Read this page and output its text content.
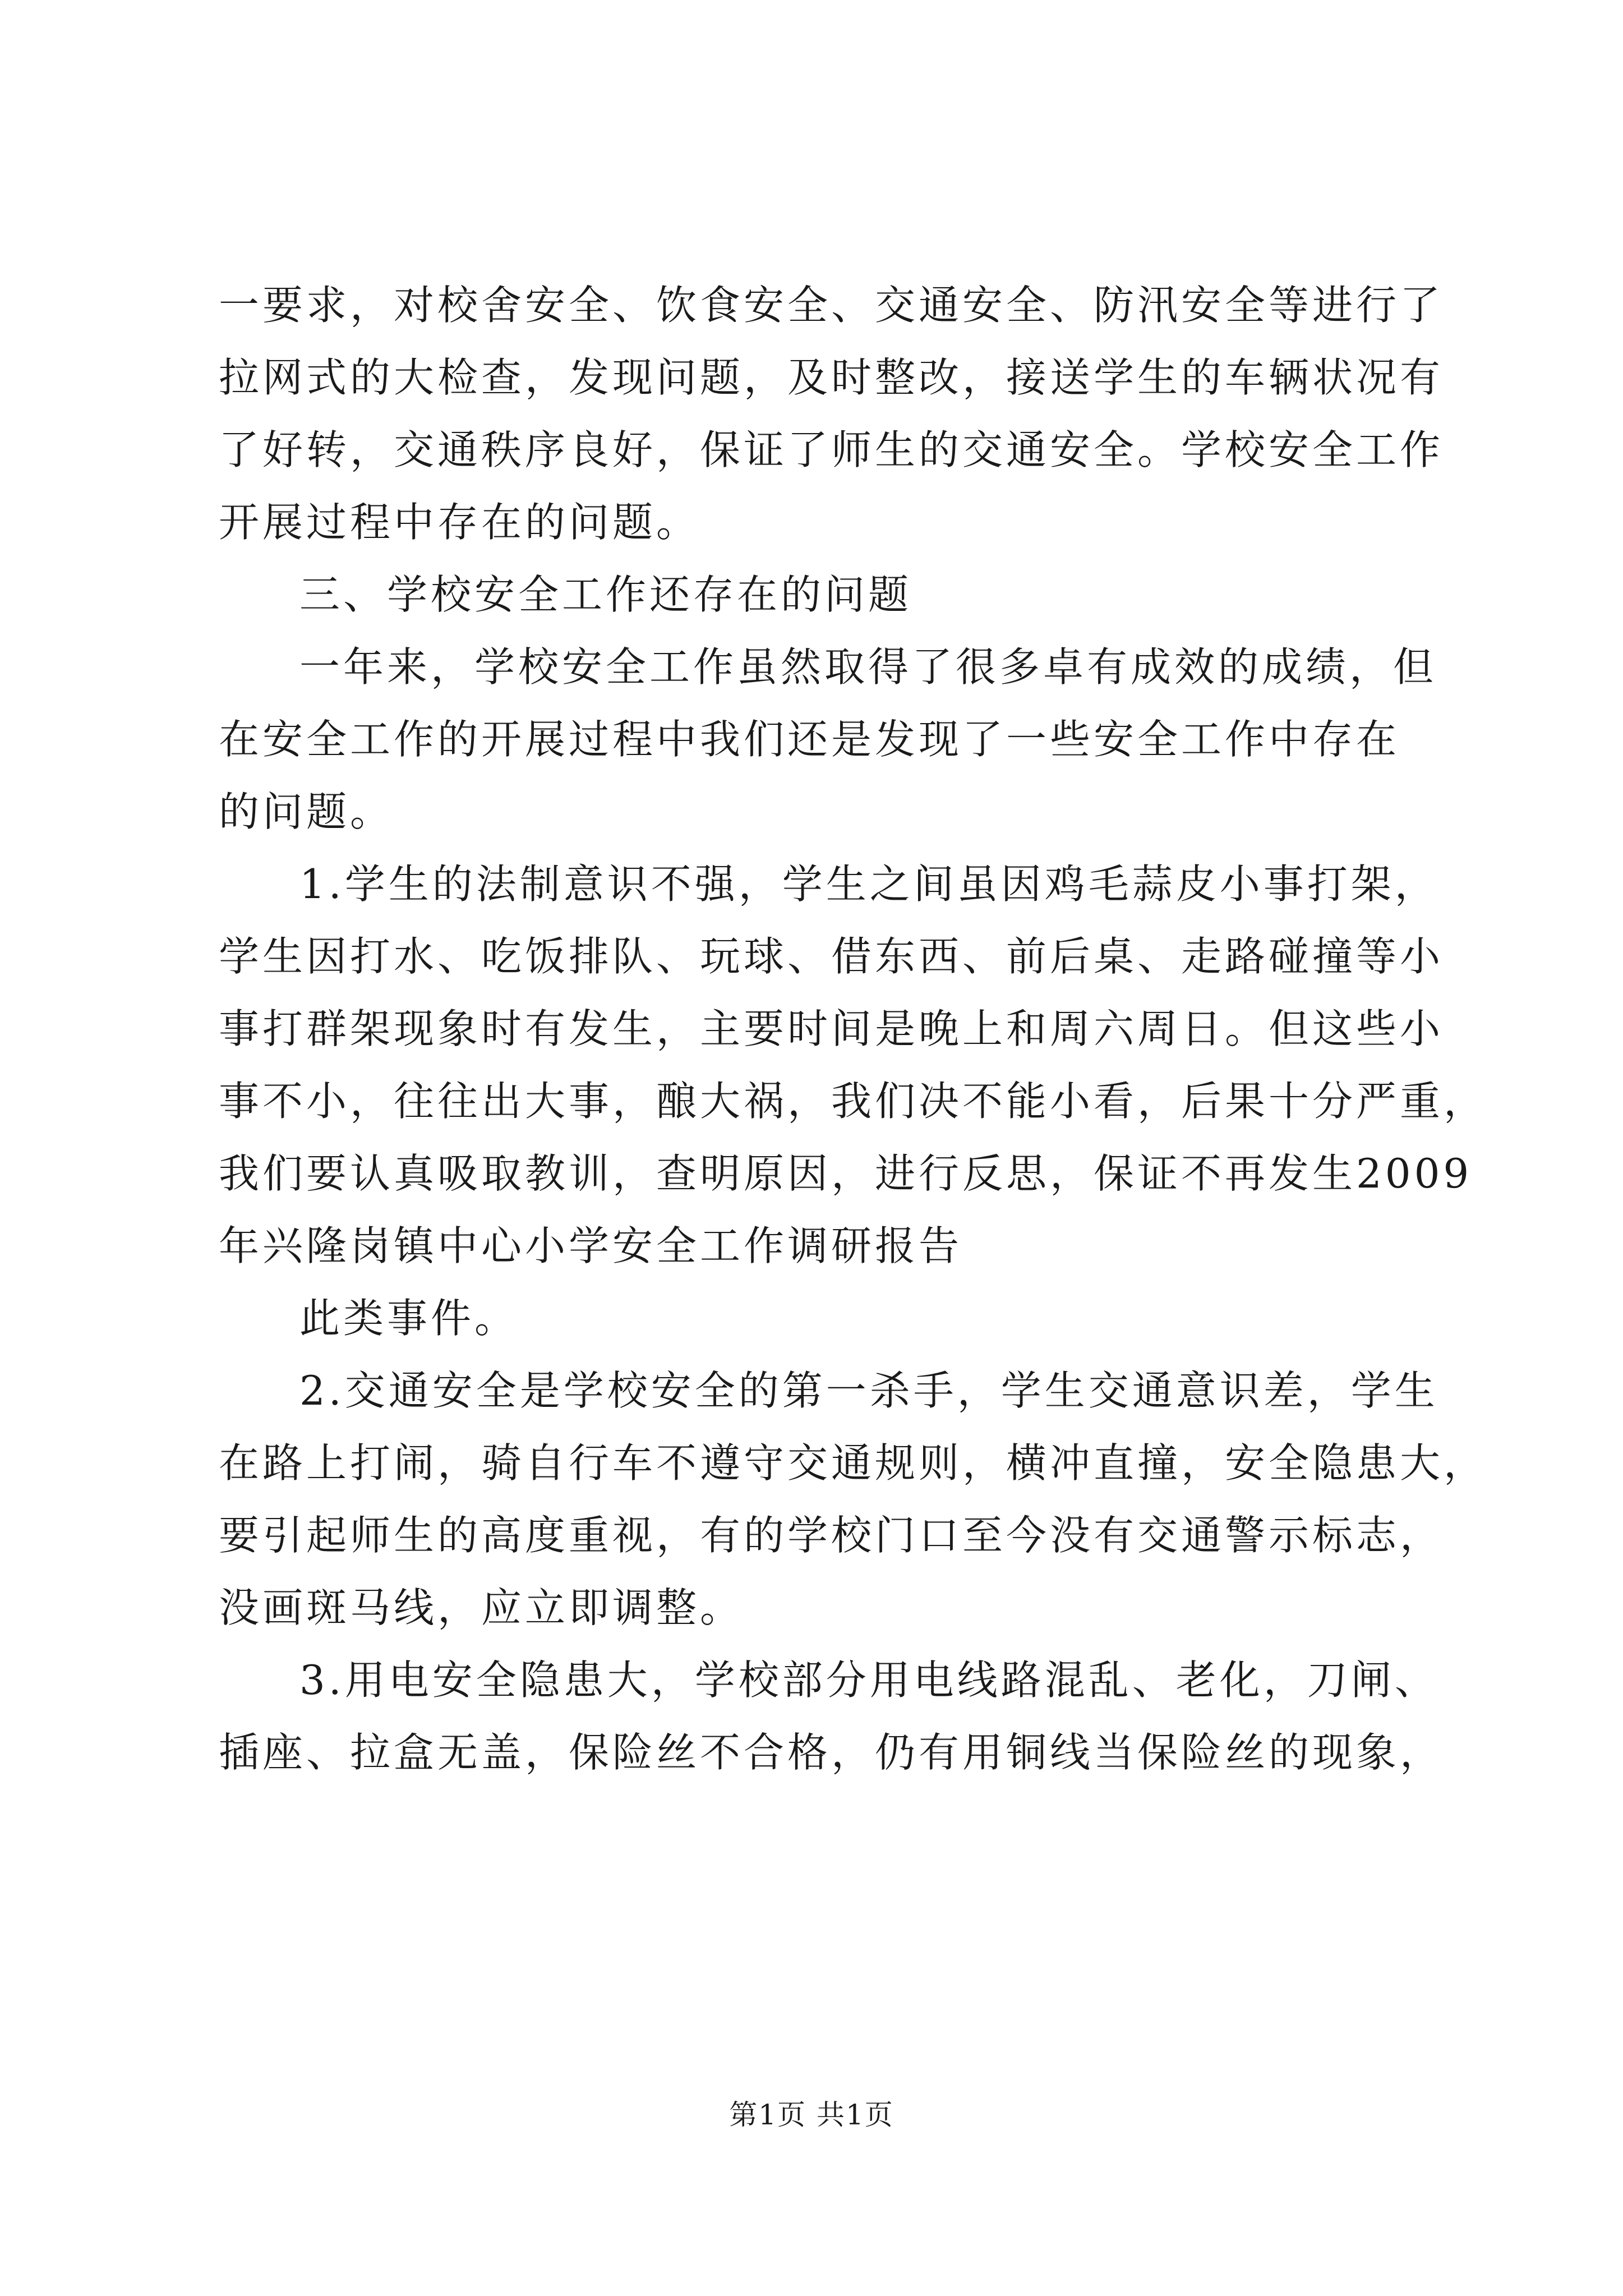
一要求，对校舍安全、饮食安全、交通安全、防汛安全等进行了
拉网式的大检查，发现问题，及时整改，接送学生的车辆状况有
了好转，交通秩序良好，保证了师生的交通安全。学校安全工作
开展过程中存在的问题。
三、学校安全工作还存在的问题
一年来，学校安全工作虽然取得了很多卓有成效的成绩，但
在安全工作的开展过程中我们还是发现了一些安全工作中存在
的问题。
1.学生的法制意识不强，学生之间虽因鸡毛蒜皮小事打架，
学生因打水、吃饭排队、玩球、借东西、前后桌、走路碰撞等小
事打群架现象时有发生，主要时间是晚上和周六周日。但这些小
事不小，往往出大事，酿大祸，我们决不能小看，后果十分严重，
我们要认真吸取教训，查明原因，进行反思，保证不再发生2009
年兴隆岗镇中心小学安全工作调研报告
此类事件。
2.交通安全是学校安全的第一杀手，学生交通意识差，学生
在路上打闹，骑自行车不遵守交通规则，横冲直撞，安全隐患大，
要引起师生的高度重视，有的学校门口至今没有交通警示标志，
没画斑马线，应立即调整。
3.用电安全隐患大，学校部分用电线路混乱、老化，刀闸、
插座、拉盒无盖，保险丝不合格，仍有用铜线当保险丝的现象，
第1页 共1页
